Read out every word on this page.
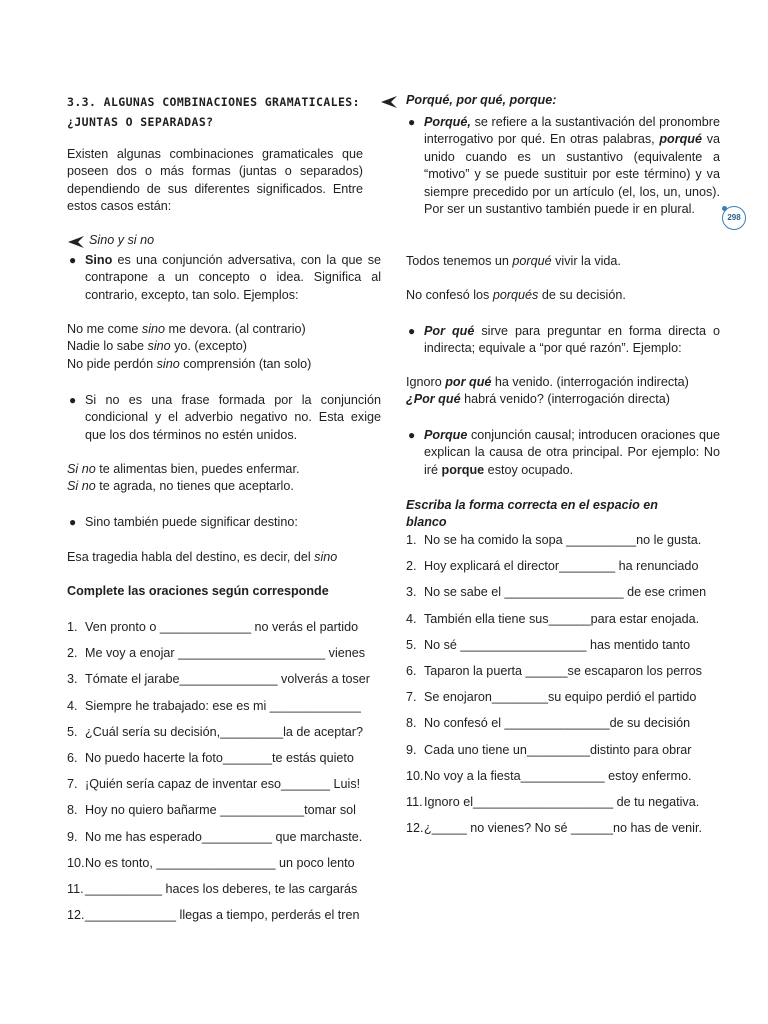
298
3.3. ALGUNAS COMBINACIONES GRAMATICALES:
¿JUNTAS O SEPARADAS?
Existen algunas combinaciones gramaticales que poseen dos o más formas (juntas o separados) dependiendo de sus diferentes significados. Entre estos casos están:
Sino y si no
● Sino es una conjunción adversativa, con la que se contrapone a un concepto o idea. Significa al contrario, excepto, tan solo. Ejemplos:
No me come sino me devora. (al contrario)
Nadie lo sabe sino yo. (excepto)
No pide perdón sino comprensión (tan solo)
● Si no es una frase formada por la conjunción condicional y el adverbio negativo no. Esta exige que los dos términos no estén unidos.
Si no te alimentas bien, puedes enfermar.
Si no te agrada, no tienes que aceptarlo.
● Sino también puede significar destino:
Esa tragedia habla del destino, es decir, del sino
Complete las oraciones según corresponde
1. Ven pronto o _____________ no verás el partido
2. Me voy a enojar _____________________ vienes
3. Tómate el jarabe______________ volverás a toser
4. Siempre he trabajado: ese es mi _____________
5. ¿Cuál sería su decisión,_________la de aceptar?
6. No puedo hacerte la foto_______te estás quieto
7. ¡Quién sería capaz de inventar eso_______ Luis!
8. Hoy no quiero bañarme ____________tomar sol
9. No me has esperado__________ que marchaste.
10.No es tonto, _________________ un poco lento
11.___________ haces los deberes, te las cargarás
12._____________ llegas a tiempo, perderás el tren
Porqué, por qué, porque:
● Porqué, se refiere a la sustantivación del pronombre interrogativo por qué. En otras palabras, porqué va unido cuando es un sustantivo (equivalente a “motivo” y se puede sustituir por este término) y va siempre precedido por un artículo (el, los, un, unos). Por ser un sustantivo también puede ir en plural.
Todos tenemos un porqué vivir la vida.
No confesó los porqués de su decisión.
● Por qué sirve para preguntar en forma directa o indirecta; equivale a “por qué razón”. Ejemplo:
Ignoro por qué ha venido. (interrogación indirecta)
¿Por qué habrá venido? (interrogación directa)
● Porque conjunción causal; introducen oraciones que explican la causa de otra principal. Por ejemplo: No iré porque estoy ocupado.
Escriba la forma correcta en el espacio en blanco
1. No se ha comido la sopa __________no le gusta.
2. Hoy explicará el director________ ha renunciado
3. No se sabe el _________________ de ese crimen
4. También ella tiene sus______para estar enojada.
5. No sé __________________ has mentido tanto
6. Taparon la puerta ______se escaparon los perros
7. Se enojaron________su equipo perdió el partido
8. No confesó el _______________de su decisión
9. Cada uno tiene un_________distinto para obrar
10.No voy a la fiesta____________ estoy enfermo.
11.Ignoro el____________________ de tu negativa.
12.¿_____ no vienes? No sé ______no has de venir.
